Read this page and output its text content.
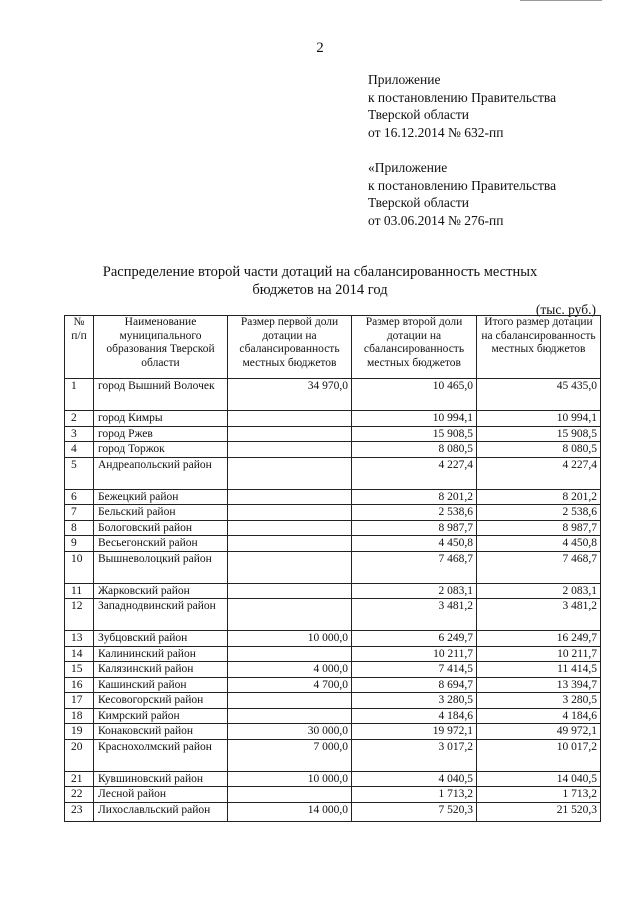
2
Приложение
к постановлению Правительства
Тверской области
от 16.12.2014 № 632-пп
«Приложение
к постановлению Правительства
Тверской области
от 03.06.2014 № 276-пп
Распределение второй части дотаций на сбалансированность местных
бюджетов на 2014 год
(тыс. руб.)
№ п/п	Наименование муниципального образования Тверской области	Размер первой доли дотации на сбалансированность местных бюджетов	Размер второй доли дотации на сбалансированность местных бюджетов	Итого размер дотации на сбалансированность местных бюджетов
1	город Вышний Волочек	34 970,0	10 465,0	45 435,0
2	город Кимры		10 994,1	10 994,1
3	город Ржев		15 908,5	15 908,5
4	город Торжок		8 080,5	8 080,5
5	Андреапольский район		4 227,4	4 227,4
6	Бежецкий район		8 201,2	8 201,2
7	Бельский район		2 538,6	2 538,6
8	Бологовский район		8 987,7	8 987,7
9	Весьегонский район		4 450,8	4 450,8
10	Вышневолоцкий район		7 468,7	7 468,7
11	Жарковский район		2 083,1	2 083,1
12	Западнодвинский район		3 481,2	3 481,2
13	Зубцовский район	10 000,0	6 249,7	16 249,7
14	Калининский район		10 211,7	10 211,7
15	Калязинский район	4 000,0	7 414,5	11 414,5
16	Кашинский район	4 700,0	8 694,7	13 394,7
17	Кесовогорский район		3 280,5	3 280,5
18	Кимрский район		4 184,6	4 184,6
19	Конаковский район	30 000,0	19 972,1	49 972,1
20	Краснохолмский район	7 000,0	3 017,2	10 017,2
21	Кувшиновский район	10 000,0	4 040,5	14 040,5
22	Лесной район		1 713,2	1 713,2
23	Лихославльский район	14 000,0	7 520,3	21 520,3
